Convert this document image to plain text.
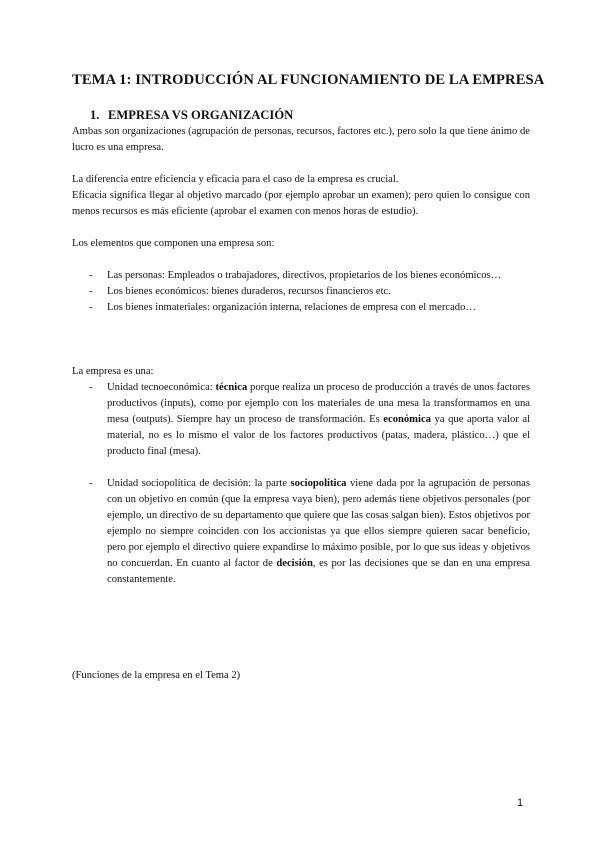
TEMA 1: INTRODUCCIÓN AL FUNCIONAMIENTO DE LA EMPRESA
1. EMPRESA VS ORGANIZACIÓN

Ambas son organizaciones (agrupación de personas, recursos, factores etc.), pero solo la que tiene ánimo de lucro es una empresa.

La diferencia entre eficiencia y eficacia para el caso de la empresa es crucial.

Eficacia significa llegar al objetivo marcado (por ejemplo aprobar un examen); pero quien lo consigue con menos recursos es más eficiente (aprobar el examen con menos horas de estudio).

Los elementos que componen una empresa son:

- Las personas: Empleados o trabajadores, directivos, propietarios de los bienes económicos…
- Los bienes económicos: bienes duraderos, recursos financieros etc.
- Los bienes inmateriales: organización interna, relaciones de empresa con el mercado…

La empresa es una:

- Unidad tecnoeconómica: técnica porque realiza un proceso de producción a través de unos factores productivos (inputs), como por ejemplo con los materiales de una mesa la transformamos en una mesa (outputs). Siempre hay un proceso de transformación. Es económica ya que aporta valor al material, no es lo mismo el valor de los factores productivos (patas, madera, plástico…) que el producto final (mesa).
- Unidad sociopolítica de decisión: la parte sociopolítica viene dada por la agrupación de personas con un objetivo en común (que la empresa vaya bien), pero además tiene objetivos personales (por ejemplo, un directivo de su departamento que quiere que las cosas salgan bien). Estos objetivos por ejemplo no siempre coinciden con los accionistas ya que ellos siempre quieren sacar beneficio, pero por ejemplo el directivo quiere expandirse lo máximo posible, por lo que sus ideas y objetivos no concuerdan. En cuanto al factor de decisión, es por las decisiones que se dan en una empresa constantemente.
(Funciones de la empresa en el Tema 2)
1
